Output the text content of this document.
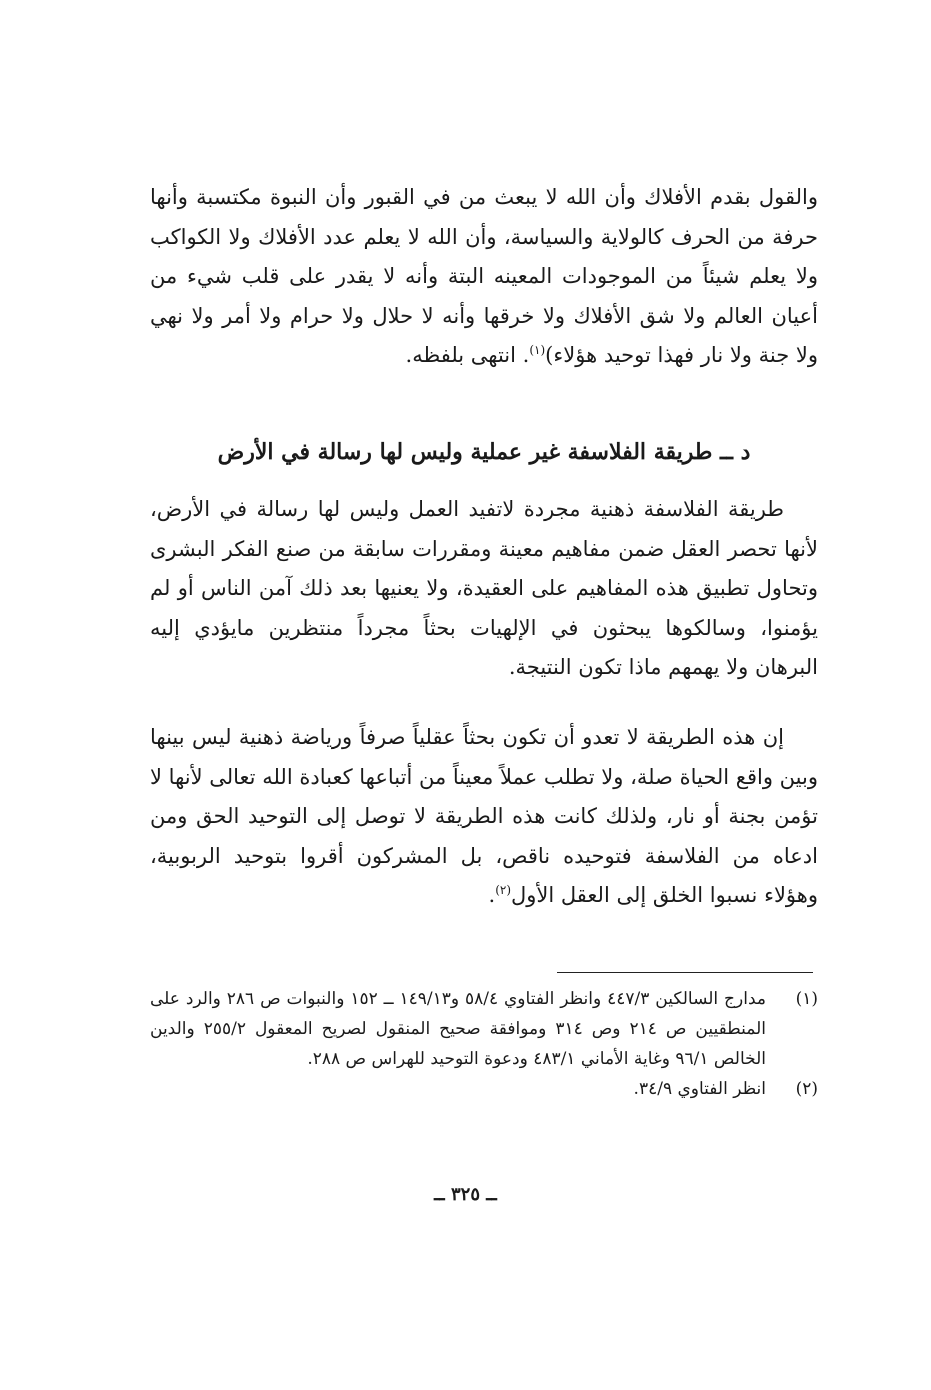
والقول بقدم الأفلاك وأن الله لا يبعث من في القبور وأن النبوة مكتسبة وأنها حرفة من الحرف كالولاية والسياسة، وأن الله لا يعلم عدد الأفلاك ولا الكواكب ولا يعلم شيئاً من الموجودات المعينه البتة وأنه لا يقدر على قلب شيء من أعيان العالم ولا شق الأفلاك ولا خرقها وأنه لا حلال ولا حرام ولا أمر ولا نهي ولا جنة ولا نار فهذا توحيد هؤلاء)$^{(١)}$. انتهى بلفظه.

د ــ طريقة الفلاسفة غير عملية وليس لها رسالة في الأرض

طريقة الفلاسفة ذهنية مجردة لاتفيد العمل وليس لها رسالة في الأرض، لأنها تحصر العقل ضمن مفاهيم معينة ومقررات سابقة من صنع الفكر البشرى وتحاول تطبيق هذه المفاهيم على العقيدة، ولا يعنيها بعد ذلك آمن الناس أو لم يؤمنوا، وسالكوها يبحثون في الإلهيات بحثاً مجرداً منتظرين مايؤدي إليه البرهان ولا يهمهم ماذا تكون النتيجة.

إن هذه الطريقة لا تعدو أن تكون بحثاً عقلياً صرفاً ورياضة ذهنية ليس بينها وبين واقع الحياة صلة، ولا تطلب عملاً معيناً من أتباعها كعبادة الله تعالى لأنها لا تؤمن بجنة أو نار، ولذلك كانت هذه الطريقة لا توصل إلى التوحيد الحق ومن ادعاه من الفلاسفة فتوحيده ناقص، بل المشركون أقروا بتوحيد الربوبية، وهؤلاء نسبوا الخلق إلى العقل الأول$^{(٢)}$.

(١)
مدارج السالكين ٤٤٧/٣ وانظر الفتاوي ٥٨/٤ و١٤٩/١٣ ــ ١٥٢ والنبوات ص ٢٨٦ والرد على المنطقيين ص ٢١٤ وص ٣١٤ وموافقة صحيح المنقول لصريح المعقول ٢٥٥/٢ والدين الخالص ٩٦/١ وغاية الأماني ٤٨٣/١ ودعوة التوحيد للهراس ص ٢٨٨.
(٢)
انظر الفتاوي ٣٤/٩.
ــ ٣٢٥ ــ
